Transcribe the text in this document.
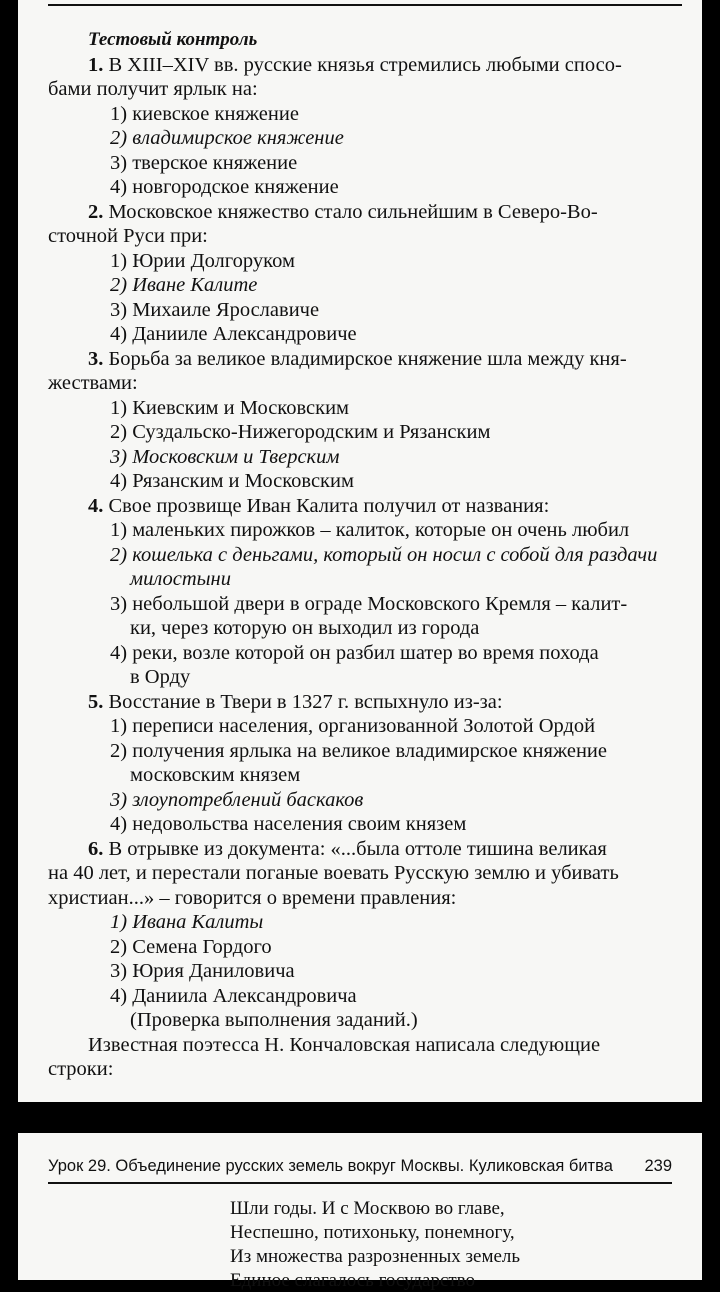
Тестовый контроль
1. В XIII–XIV вв. русские князья стремились любыми спосо-
бами получит ярлык на:
1) киевское княжение
2) владимирское княжение
3) тверское княжение
4) новгородское княжение
2. Московское княжество стало сильнейшим в Северо-Во-
сточной Руси при:
1) Юрии Долгоруком
2) Иване Калите
3) Михаиле Ярославиче
4) Данииле Александровиче
3. Борьба за великое владимирское княжение шла между кня-
жествами:
1) Киевским и Московским
2) Суздальско-Нижегородским и Рязанским
3) Московским и Тверским
4) Рязанским и Московским
4. Свое прозвище Иван Калита получил от названия:
1) маленьких пирожков – калиток, которые он очень любил
2) кошелька с деньгами, который он носил с собой для раздачи
милостыни
3) небольшой двери в ограде Московского Кремля – калит-
ки, через которую он выходил из города
4) реки, возле которой он разбил шатер во время похода
в Орду
5. Восстание в Твери в 1327 г. вспыхнуло из-за:
1) переписи населения, организованной Золотой Ордой
2) получения ярлыка на великое владимирское княжение
московским князем
3) злоупотреблений баскаков
4) недовольства населения своим князем
6. В отрывке из документа: «...была оттоле тишина великая
на 40 лет, и перестали поганые воевать Русскую землю и убивать
христиан...» – говорится о времени правления:
1) Ивана Калиты
2) Семена Гордого
3) Юрия Даниловича
4) Даниила Александровича
(Проверка выполнения заданий.)
Известная поэтесса Н. Кончаловская написала следующие
строки:
Урок 29. Объединение русских земель вокруг Москвы. Куликовская битва 239
Шли годы. И с Москвою во главе,
Неспешно, потихоньку, понемногу,
Из множества разрозненных земель
Единое слагалось государство
